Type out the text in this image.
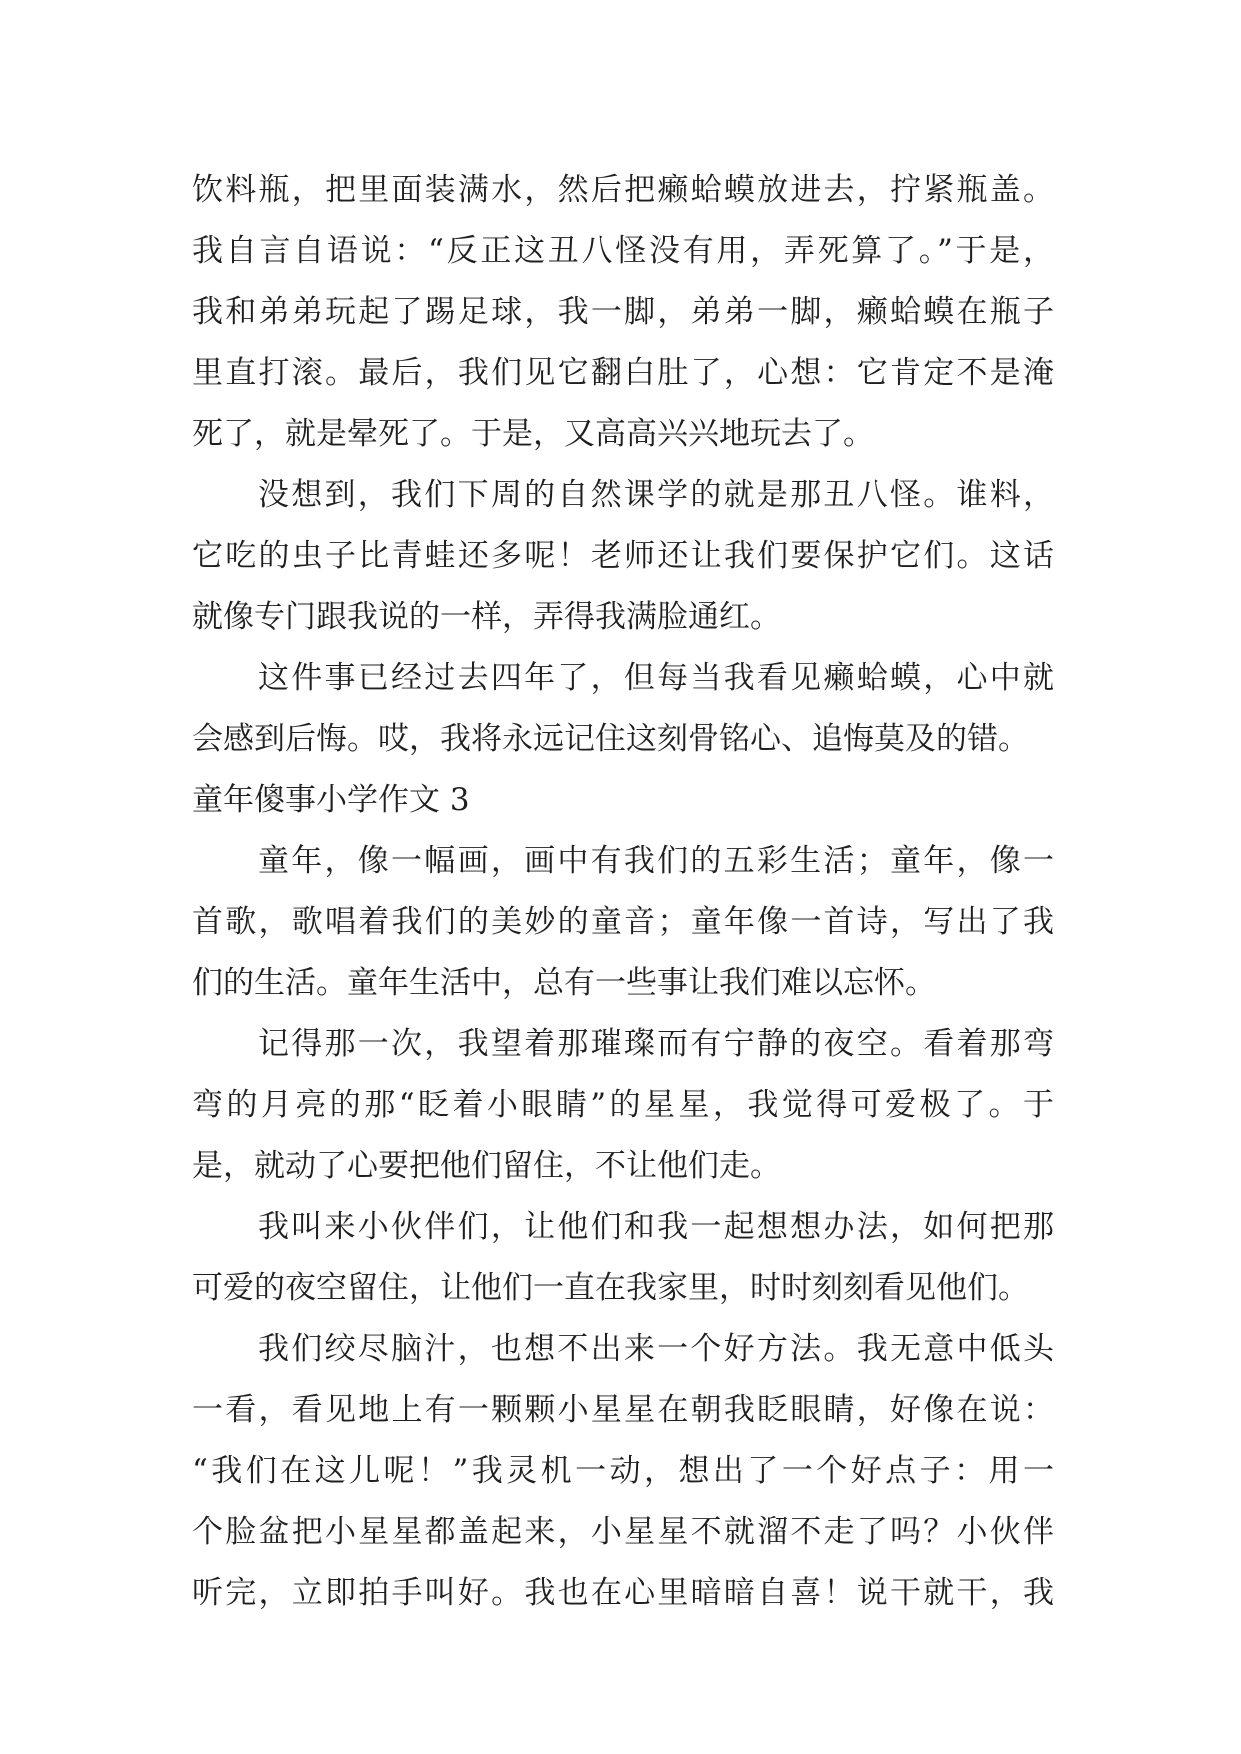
饮料瓶，把里面装满水，然后把癞蛤蟆放进去，拧紧瓶盖。
我自言自语说：“反正这丑八怪没有用，弄死算了。”于是，
我和弟弟玩起了踢足球，我一脚，弟弟一脚，癞蛤蟆在瓶子
里直打滚。最后，我们见它翻白肚了，心想：它肯定不是淹
死了，就是晕死了。于是，又高高兴兴地玩去了。
没想到，我们下周的自然课学的就是那丑八怪。谁料，
它吃的虫子比青蛙还多呢！老师还让我们要保护它们。这话
就像专门跟我说的一样，弄得我满脸通红。
这件事已经过去四年了，但每当我看见癞蛤蟆，心中就
会感到后悔。哎，我将永远记住这刻骨铭心、追悔莫及的错。
童年傻事小学作文 3
童年，像一幅画，画中有我们的五彩生活；童年，像一
首歌，歌唱着我们的美妙的童音；童年像一首诗，写出了我
们的生活。童年生活中，总有一些事让我们难以忘怀。
记得那一次，我望着那璀璨而有宁静的夜空。看着那弯
弯的月亮的那“眨着小眼睛”的星星，我觉得可爱极了。于
是，就动了心要把他们留住，不让他们走。
我叫来小伙伴们，让他们和我一起想想办法，如何把那
可爱的夜空留住，让他们一直在我家里，时时刻刻看见他们。
我们绞尽脑汁，也想不出来一个好方法。我无意中低头
一看，看见地上有一颗颗小星星在朝我眨眼睛，好像在说：
“我们在这儿呢！”我灵机一动，想出了一个好点子：用一
个脸盆把小星星都盖起来，小星星不就溜不走了吗？小伙伴
听完，立即拍手叫好。我也在心里暗暗自喜！说干就干，我
